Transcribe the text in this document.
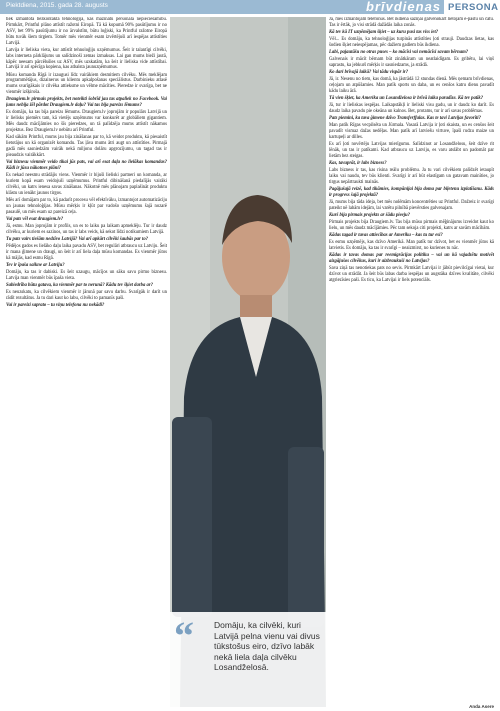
Piektdiena, 2015. gada 28. augusts	brīvdienas PERSONA

tiek izmantota bezkontakta tehnoloģija, kas mazinātu personāla nepieciešamību. Pirmkārt, Printful plāno attīstīt ražotni Eiropā. Tā kā kopumā 90% pasūtījumu ir no ASV, bet 99% pasūtījumu ir no ārvalstīm, būtu loģiski, ka Printful ražotne Eiropā būtu tuvāk šiem tirgiem. Tomēr mēs vienmēr esam izvērtējuši arī iespējas attīstīties Latvijā.

Latvija ir lieliska vieta, kur attīstīt tehnoloģiju uzņēmumus. Šeit ir talantīgi cilvēki, labs interneta pārklājums un salīdzinoši zemas izmaksas. Lai gan mums bieži jautā, kāpēc neesam pārcēlušies uz ASV, mēs uzskatām, ka šeit ir lieliska vide attīstībai. Latvijā ir arī spēcīga kopiena, kas atbalsta jaunuzņēmumus.

Mūsu komanda Rīgā ir izaugusi līdz vairākiem desmitiem cilvēku. Mēs meklējam programmētājus, dizainerus un klientu apkalpošanas speciālistus. Darbinieku atlasē mums svarīgākais ir cilvēka attieksme un vēlme mācīties. Pieredze ir svarīga, bet ne vienmēr izšķiroša.

Draugiem.lv pirmais projekts, bet noteikti šobrīd jau tas atpaliek no Facebook. Vai jums nebija žēl pārdot Draugiem.lv daļu? Vai tas bija pareizs lēmums?

Es domāju, ka tas bija pareizs lēmums. Draugiem.lv joprojām ir populārs Latvijā un ir lielisks piemērs tam, kā vietējs uzņēmums var konkurēt ar globāliem gigantiem. Mēs daudz mācījāmies no šīs pieredzes, un tā palīdzēja mums attīstīt nākamos projektus. Bez Draugiem.lv nebūtu arī Printful.

Kad sākām Printful, mums jau bija zināšanas par to, kā veidot produktu, kā piesaistīt lietotājus un kā organizēt komandu. Tas ļāva mums ātri augt un attīstīties. Pirmajā gadā mēs sasniedzām vairāk nekā miljonu dolāru apgrozījumu, un tagad tas ir pieaudzis vairākkārt.

Vai biznesu vienmēr veido tikai jūs pats, vai arī esat daļa no lielākas komandas? Kādi ir jūsu nākotnes plāni?

Es nekad neesmu strādājis viens. Vienmēr ir bijuši lieliski partneri un komanda, ar kuriem kopā esam veidojuši uzņēmumus. Printful dibināšanā piedalījās vairāki cilvēki, un katrs ienesa savas zināšanas. Nākotnē mēs plānojam paplašināt produktu klāstu un ienākt jaunos tirgos.

Mēs arī domājam par to, kā padarīt procesu vēl efektīvāku, izmantojot automatizāciju un jaunas tehnoloģijas. Mūsu mērķis ir kļūt par vadošo uzņēmumu šajā nozarē pasaulē, un mēs esam uz pareizā ceļa.

Vai pats vēl esat draugiem.lv?

Jā, esmu. Man joprojām ir profils, un es to laiku pa laikam apmeklēju. Tur ir daudz cilvēku, ar kuriem es sazinos, un tas ir labs veids, kā sekot līdzi notikumiem Latvijā.

Tu pats vairs tiešām nedzīvo Latvijā? Vai arī apkārt cilvēki šaubās par to?

Pēdējos gados es lielāko daļu laika pavadu ASV, bet regulāri atbraucu uz Latviju. Šeit ir mana ģimene un draugi, un šeit ir arī liela daļa mūsu komandas. Es vienmēr jūtos kā mājās, kad esmu Rīgā.

Tev ir īpaša saikne ar Latviju?

Domāju, ka tas ir dabiski. Es šeit uzaugu, mācījos un sāku savu pirmo biznesu. Latvija man vienmēr būs īpaša vieta.

Sabiedrība būtu gatava, ka vienmēr par to nerunā? Kādu tev šķiet darba ar?

Es neuzskatu, ka cilvēkiem vienmēr ir jārunā par savu darbu. Svarīgāk ir darīt un rādīt rezultātus. Ja tu dari kaut ko labu, cilvēki to pamanīs paši.

Vai ir pareizi saprato – tu viņu telefona nu nekādi?

“ Domāju, ka cilvēki, kuri Latvijā pelna vienu vai divus tūkstošus eiro, dzīvo labāk nekā liela daļa cilvēku Losandželosā.

Jā, mēs izmantojam telefonus. Bet ikdienā saziņai galvenokārt lietojam e-pastu un čatu. Tas ir ērtāk, jo visi strādā dažādās laika zonās.

Kā tev kā IT uzņēmējam šķiet – uz kuru pusi tas viss iet?

Vēl... Es domāju, ka tehnoloģijas turpinās attīstīties ļoti strauji. Daudzas lietas, kas šodien šķiet neiespējamas, pēc dažiem gadiem būs ikdiena.

Labi, pajautāšu no otras puses – ko mācīsi vai nemācīsi savam bērnam?

Galvenais ir mācīt bērnam būt zinātkāram un neatlaidīgam. Es gribētu, lai viņš saprastu, ka jebkurš mērķis ir sasniedzams, ja strādā.

Ko dari brīvajā laikā? Vai tādu vispār ir?

Jā, ir. Nesenu no tiem, kas domā, ka jāstrādā 12 stundas dienā. Mēs ņemam brīvdienas, ceļojam un atpūšamies. Man patīk sports un daba, un es cenšos katru dienu pavadīt kādu laiku ārā.

Tā vien šķiet, ka Amerika un Losandželosa ir brīvā laika paradīze. Kā tev patīk?

Jā, tur ir lieliskas iespējas. Laikapstākļi ir lieliski visu gadu, un ir daudz ko darīt. Es daudz laika pavadu pie okeāna un kalnos. Bet, protams, tur ir arī savas problēmas.

Pats piemini, ka tava ģimene dzīvo Transferffalas. Kas te tavi Latvijas favorīti?

Man patīk Rīgas vecpilsēta un Jūrmala. Vasarā Latvija ir ļoti skaista, un es cenšos šeit pavadīt vismaz dažas nedēļas. Man patīk arī latviešu virtuve, īpaši rudzu maize un kartupeļi ar dilles.

Es arī ļoti novērtēju Latvijas mierīgumu. Salīdzinot ar Losandželosu, šeit dzīve rit lēnāk, un tas ir patīkami. Kad atbraucu uz Latviju, es varu atslābt un padomāt par lietām bez steigas.

Kas, tavuprāt, ir labs bizness?

Labs bizness ir tas, kas risina reālu problēmu. Ja tu vari cilvēkiem palīdzēt ietaupīt laiku vai naudu, tev būs klienti. Svarīgi ir arī būt elastīgam un gatavam mainīties, jo tirgus nepārtraukti mainās.

Pagājušajā reizē, kad tikāmies, kompānijai bija doma par biļetenu izplatīšanu. Kāds ir progress šajā projektā?

Jā, mums bija tāda ideja, bet mēs nolēmām koncentrēties uz Printful. Dažreiz ir svarīgi pateikt nē labām idejām, lai varētu pilnībā pievērsties galvenajam.

Kurš bija pirmais projekts ar šādu pieeju?

Pirmais projekts bija Draugiem.lv. Tas bija mūsu pirmais mēģinājums izveidot kaut ko lielu, un mēs daudz mācījāmies. Pēc tam sekoja citi projekti, katrs ar savām mācībām.

Kādas tagad ir tavas attiecības ar Ameriku – kas tu tur esi?

Es esmu uzņēmējs, kas dzīvo Amerikā. Man patīk tur dzīvot, bet es vienmēr jūtos kā latvietis. Es domāju, ka tas ir svarīgi – neaizmirst, no kurienes tu nāc.

Kādas ir tavas domas par reemigrācijas politiku – vai un kā vajadzētu motivēt aizgājušos cilvēkus, kuri ir aizbraukuši no Latvijas?

Sava ziņā tas nenotiekas pats no sevis. Pirmkārt Latvijai ir jābūt pievilcīgai vietai, kur dzīvot un strādāt. Ja šeit būs labas darba iespējas un augstāka dzīves kvalitāte, cilvēki atgriezīsies paši. Es ticu, ka Latvijai ir liels potenciāls.

Anda Asere
